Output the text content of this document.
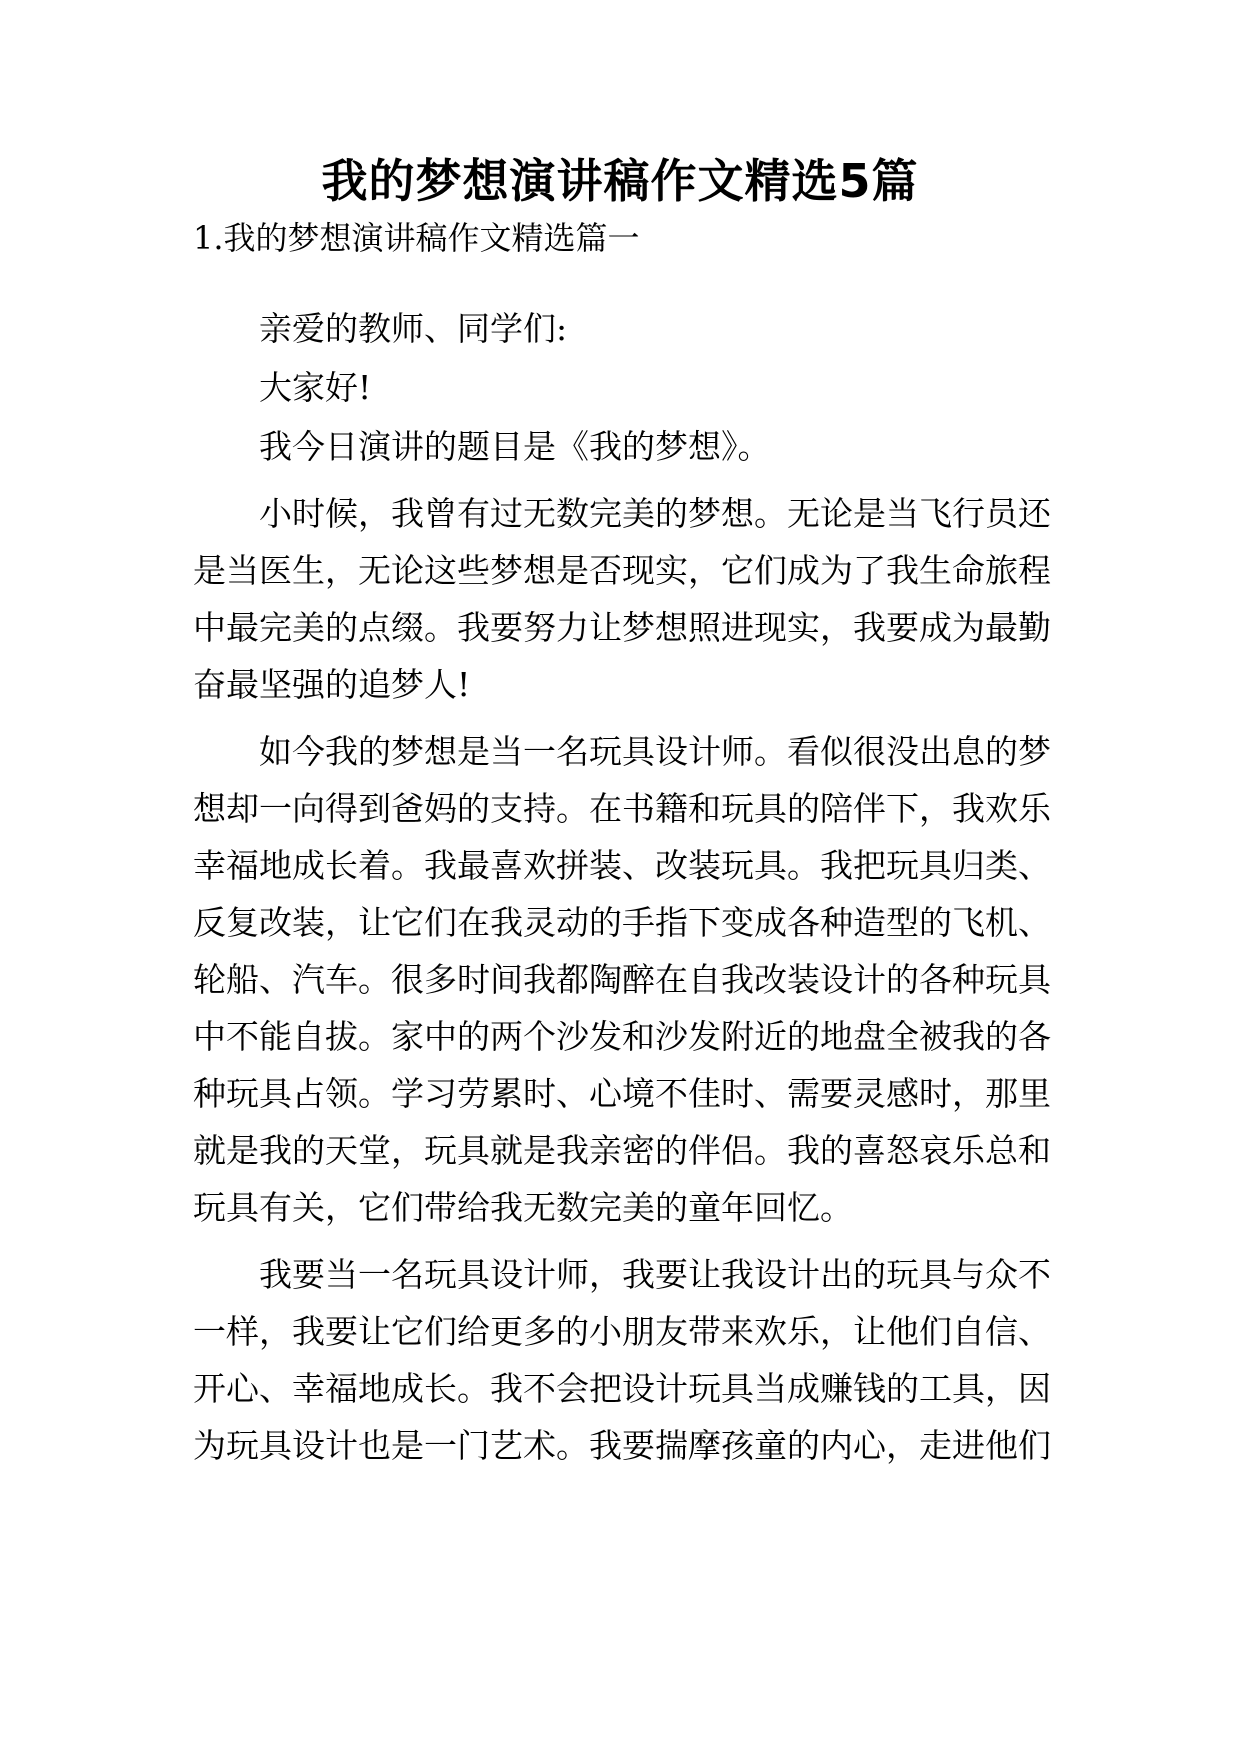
我的梦想演讲稿作文精选5篇
1.我的梦想演讲稿作文精选篇一

亲爱的教师、同学们:

大家好!

我今日演讲的题目是《我的梦想》。

小时候，我曾有过无数完美的梦想。无论是当飞行员还是当医生，无论这些梦想是否现实，它们成为了我生命旅程中最完美的点缀。我要努力让梦想照进现实，我要成为最勤奋最坚强的追梦人!

如今我的梦想是当一名玩具设计师。看似很没出息的梦想却一向得到爸妈的支持。在书籍和玩具的陪伴下，我欢乐幸福地成长着。我最喜欢拼装、改装玩具。我把玩具归类、反复改装，让它们在我灵动的手指下变成各种造型的飞机、轮船、汽车。很多时间我都陶醉在自我改装设计的各种玩具中不能自拔。家中的两个沙发和沙发附近的地盘全被我的各种玩具占领。学习劳累时、心境不佳时、需要灵感时，那里就是我的天堂，玩具就是我亲密的伴侣。我的喜怒哀乐总和玩具有关，它们带给我无数完美的童年回忆。

我要当一名玩具设计师，我要让我设计出的玩具与众不一样，我要让它们给更多的小朋友带来欢乐，让他们自信、开心、幸福地成长。我不会把设计玩具当成赚钱的工具，因为玩具设计也是一门艺术。我要揣摩孩童的内心，走进他们
